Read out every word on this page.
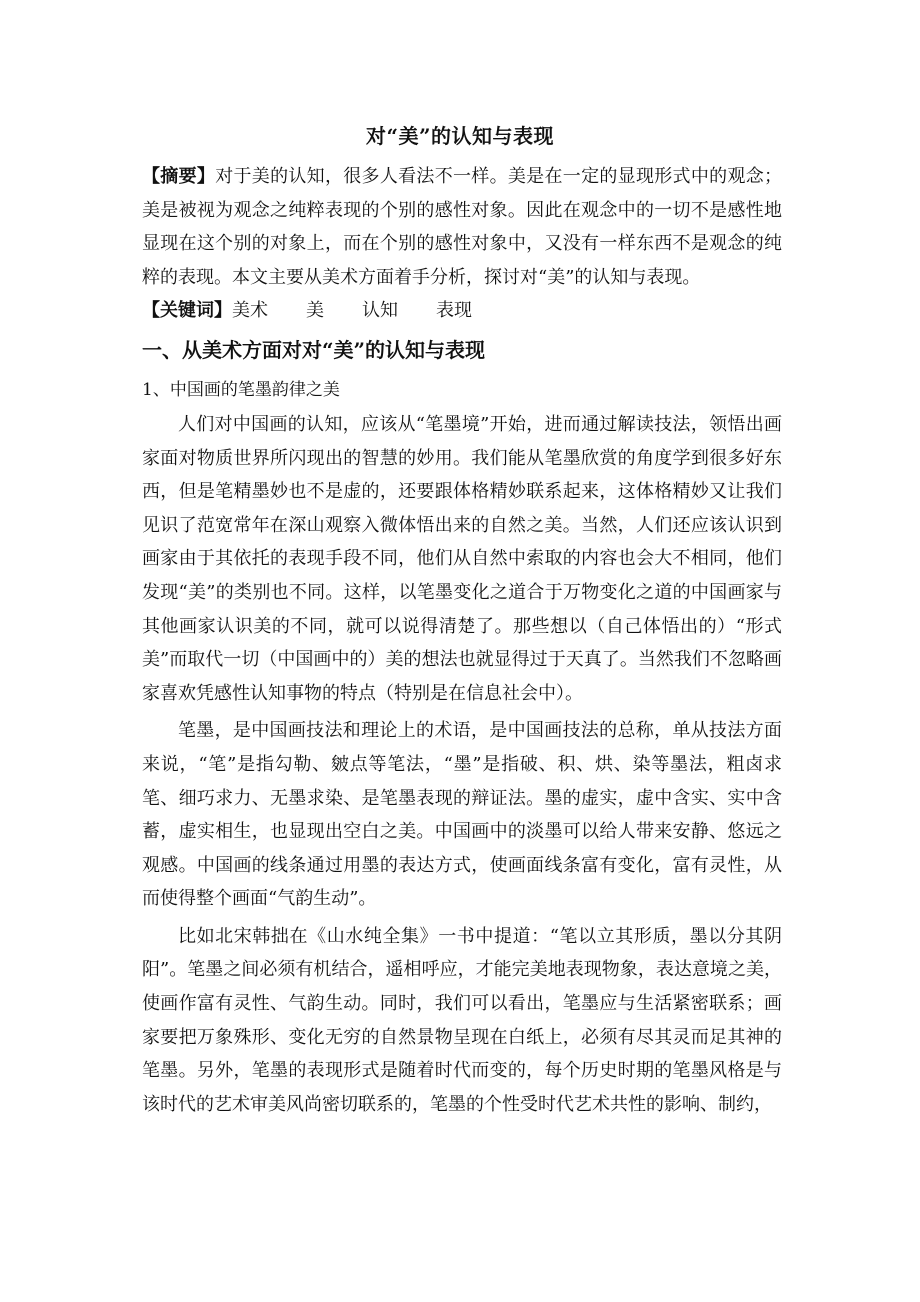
对“美”的认知与表现

【摘要】对于美的认知，很多人看法不一样。美是在一定的显现形式中的观念；美是被视为观念之纯粹表现的个别的感性对象。因此在观念中的一切不是感性地显现在这个别的对象上，而在个别的感性对象中，又没有一样东西不是观念的纯粹的表现。本文主要从美术方面着手分析，探讨对“美”的认知与表现。

【关键词】美术 美 认知 表现

一、从美术方面对对“美”的认知与表现

1、中国画的笔墨韵律之美

人们对中国画的认知，应该从“笔墨境”开始，进而通过解读技法，领悟出画家面对物质世界所闪现出的智慧的妙用。我们能从笔墨欣赏的角度学到很多好东西，但是笔精墨妙也不是虚的，还要跟体格精妙联系起来，这体格精妙又让我们见识了范宽常年在深山观察入微体悟出来的自然之美。当然，人们还应该认识到画家由于其依托的表现手段不同，他们从自然中索取的内容也会大不相同，他们发现“美”的类别也不同。这样，以笔墨变化之道合于万物变化之道的中国画家与其他画家认识美的不同，就可以说得清楚了。那些想以（自己体悟出的）“形式美”而取代一切（中国画中的）美的想法也就显得过于天真了。当然我们不忽略画家喜欢凭感性认知事物的特点（特别是在信息社会中）。

笔墨，是中国画技法和理论上的术语，是中国画技法的总称，单从技法方面来说，“笔”是指勾勒、皴点等笔法，“墨”是指破、积、烘、染等墨法，粗卤求笔、细巧求力、无墨求染、是笔墨表现的辩证法。墨的虚实，虚中含实、实中含蓄，虚实相生，也显现出空白之美。中国画中的淡墨可以给人带来安静、悠远之观感。中国画的线条通过用墨的表达方式，使画面线条富有变化，富有灵性，从而使得整个画面“气韵生动”。

比如北宋韩拙在《山水纯全集》一书中提道：“笔以立其形质，墨以分其阴阳”。笔墨之间必须有机结合，遥相呼应，才能完美地表现物象，表达意境之美，使画作富有灵性、气韵生动。同时，我们可以看出，笔墨应与生活紧密联系；画家要把万象殊形、变化无穷的自然景物呈现在白纸上，必须有尽其灵而足其神的笔墨。另外，笔墨的表现形式是随着时代而变的，每个历史时期的笔墨风格是与该时代的艺术审美风尚密切联系的，笔墨的个性受时代艺术共性的影响、制约，
